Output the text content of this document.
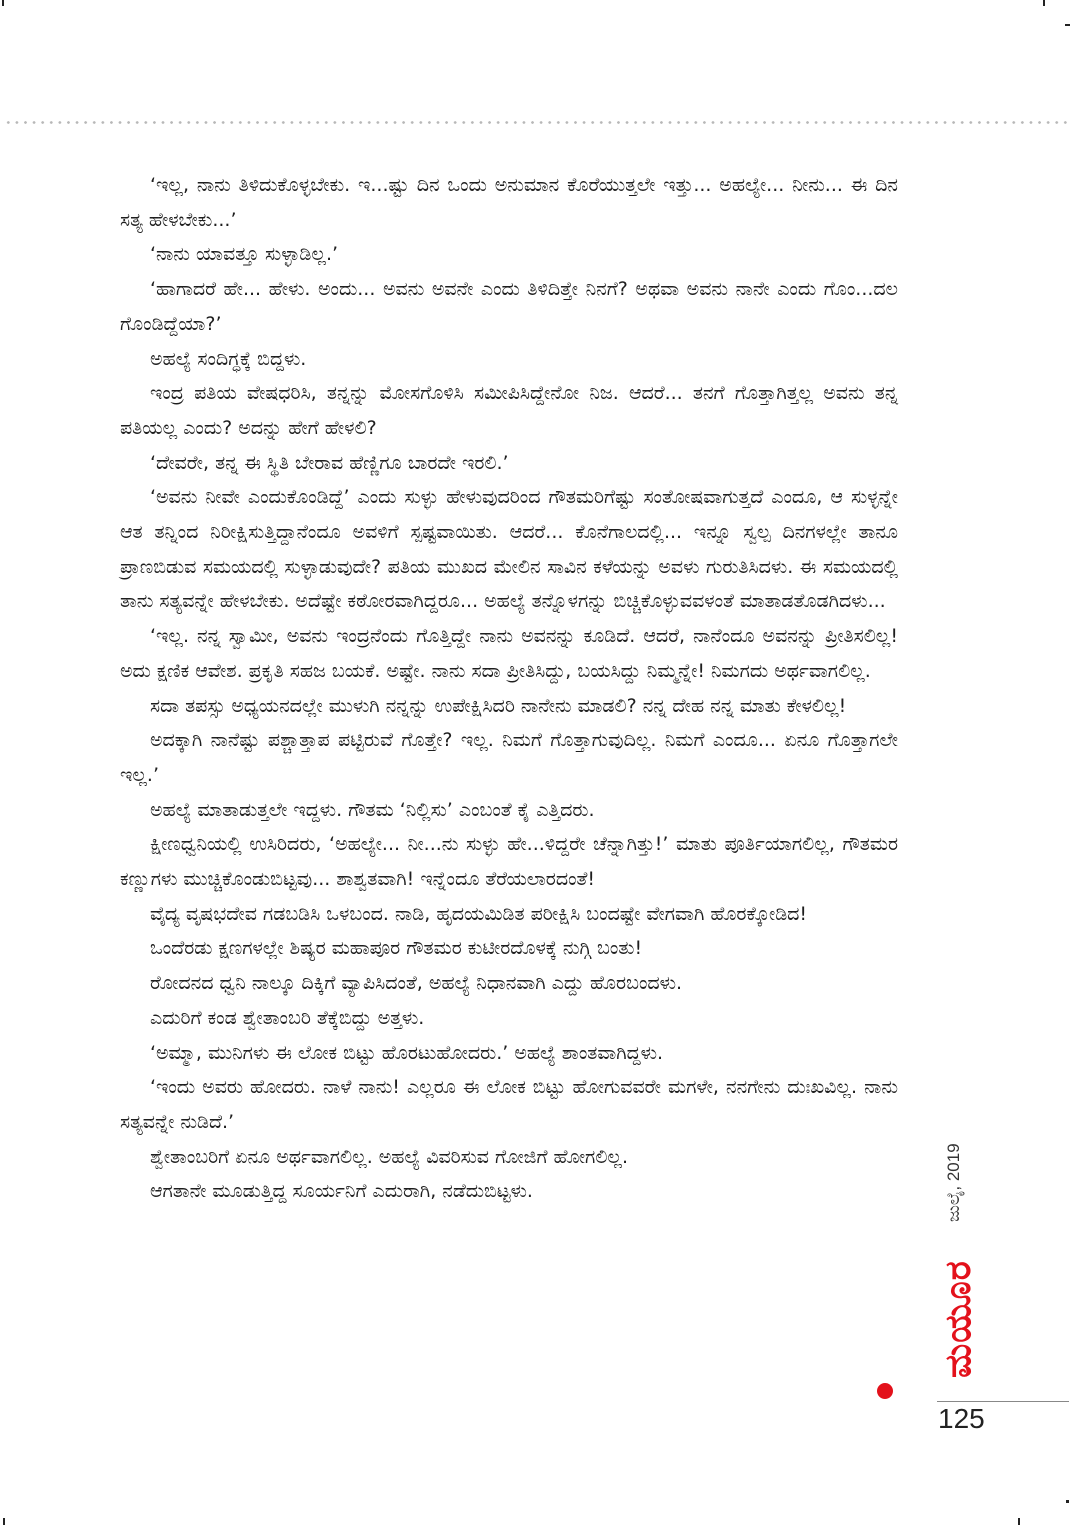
‘ಇಲ್ಲ, ನಾನು ತಿಳಿದುಕೊಳ್ಳಬೇಕು. ಇ...ಷ್ಟು ದಿನ ಒಂದು ಅನುಮಾನ ಕೊರೆಯುತ್ತಲೇ ಇತ್ತು... ಅಹಲ್ಯೇ... ನೀನು... ಈ ದಿನ ಸತ್ಯ ಹೇಳಬೇಕು...’

‘ನಾನು ಯಾವತ್ತೂ ಸುಳ್ಳಾಡಿಲ್ಲ.’

‘ಹಾಗಾದರೆ ಹೇ... ಹೇಳು. ಅಂದು... ಅವನು ಅವನೇ ಎಂದು ತಿಳಿದಿತ್ತೇ ನಿನಗೆ? ಅಥವಾ ಅವನು ನಾನೇ ಎಂದು ಗೊಂ...ದಲ ಗೊಂಡಿದ್ದೆಯಾ?’

ಅಹಲ್ಯೆ ಸಂದಿಗ್ಧಕ್ಕೆ ಬಿದ್ದಳು.

ಇಂದ್ರ ಪತಿಯ ವೇಷಧರಿಸಿ, ತನ್ನನ್ನು ಮೋಸಗೊಳಿಸಿ ಸಮೀಪಿಸಿದ್ದೇನೋ ನಿಜ. ಆದರೆ... ತನಗೆ ಗೊತ್ತಾಗಿತ್ತಲ್ಲ ಅವನು ತನ್ನ ಪತಿಯಲ್ಲ ಎಂದು? ಅದನ್ನು ಹೇಗೆ ಹೇಳಲಿ?

‘ದೇವರೇ, ತನ್ನ ಈ ಸ್ಥಿತಿ ಬೇರಾವ ಹೆಣ್ಣಿಗೂ ಬಾರದೇ ಇರಲಿ.’

‘ಅವನು ನೀವೇ ಎಂದುಕೊಂಡಿದ್ದೆ’ ಎಂದು ಸುಳ್ಳು ಹೇಳುವುದರಿಂದ ಗೌತಮರಿಗೆಷ್ಟು ಸಂತೋಷವಾಗುತ್ತದೆ ಎಂದೂ, ಆ ಸುಳ್ಳನ್ನೇ ಆತ ತನ್ನಿಂದ ನಿರೀಕ್ಷಿಸುತ್ತಿದ್ದಾನೆಂದೂ ಅವಳಿಗೆ ಸ್ಪಷ್ಟವಾಯಿತು. ಆದರೆ... ಕೊನೆಗಾಲದಲ್ಲಿ... ಇನ್ನೂ ಸ್ವಲ್ಪ ದಿನಗಳಲ್ಲೇ ತಾನೂ ಪ್ರಾಣಬಿಡುವ ಸಮಯದಲ್ಲಿ ಸುಳ್ಳಾಡುವುದೇ? ಪತಿಯ ಮುಖದ ಮೇಲಿನ ಸಾವಿನ ಕಳೆಯನ್ನು ಅವಳು ಗುರುತಿಸಿದಳು. ಈ ಸಮಯದಲ್ಲಿ ತಾನು ಸತ್ಯವನ್ನೇ ಹೇಳಬೇಕು. ಅದೆಷ್ಟೇ ಕಠೋರವಾಗಿದ್ದರೂ... ಅಹಲ್ಯೆ ತನ್ನೊಳಗನ್ನು ಬಿಚ್ಚಿಕೊಳ್ಳುವವಳಂತೆ ಮಾತಾಡತೊಡಗಿದಳು...

‘ಇಲ್ಲ. ನನ್ನ ಸ್ವಾಮೀ, ಅವನು ಇಂದ್ರನೆಂದು ಗೊತ್ತಿದ್ದೇ ನಾನು ಅವನನ್ನು ಕೂಡಿದೆ. ಆದರೆ, ನಾನೆಂದೂ ಅವನನ್ನು ಪ್ರೀತಿಸಲಿಲ್ಲ! ಅದು ಕ್ಷಣಿಕ ಆವೇಶ. ಪ್ರಕೃತಿ ಸಹಜ ಬಯಕೆ. ಅಷ್ಟೇ. ನಾನು ಸದಾ ಪ್ರೀತಿಸಿದ್ದು, ಬಯಸಿದ್ದು ನಿಮ್ಮನ್ನೇ! ನಿಮಗದು ಅರ್ಥವಾಗಲಿಲ್ಲ.

ಸದಾ ತಪಸ್ಸು ಅಧ್ಯಯನದಲ್ಲೇ ಮುಳುಗಿ ನನ್ನನ್ನು ಉಪೇಕ್ಷಿಸಿದರಿ ನಾನೇನು ಮಾಡಲಿ? ನನ್ನ ದೇಹ ನನ್ನ ಮಾತು ಕೇಳಲಿಲ್ಲ!

ಅದಕ್ಕಾಗಿ ನಾನೆಷ್ಟು ಪಶ್ಚಾತ್ತಾಪ ಪಟ್ಟಿರುವೆ ಗೊತ್ತೇ? ಇಲ್ಲ. ನಿಮಗೆ ಗೊತ್ತಾಗುವುದಿಲ್ಲ. ನಿಮಗೆ ಎಂದೂ... ಏನೂ ಗೊತ್ತಾಗಲೇ ಇಲ್ಲ.’

ಅಹಲ್ಯೆ ಮಾತಾಡುತ್ತಲೇ ಇದ್ದಳು. ಗೌತಮ ‘ನಿಲ್ಲಿಸು’ ಎಂಬಂತೆ ಕೈ ಎತ್ತಿದರು.

ಕ್ಷೀಣಧ್ವನಿಯಲ್ಲಿ ಉಸಿರಿದರು, ‘ಅಹಲ್ಯೇ... ನೀ...ನು ಸುಳ್ಳು ಹೇ...ಳಿದ್ದರೇ ಚೆನ್ನಾಗಿತ್ತು!’ ಮಾತು ಪೂರ್ತಿಯಾಗಲಿಲ್ಲ, ಗೌತಮರ ಕಣ್ಣುಗಳು ಮುಚ್ಚಿಕೊಂಡುಬಿಟ್ಟವು... ಶಾಶ್ವತವಾಗಿ! ಇನ್ನೆಂದೂ ತೆರೆಯಲಾರದಂತೆ!

ವೈದ್ಯ ವೃಷಭದೇವ ಗಡಬಡಿಸಿ ಒಳಬಂದ. ನಾಡಿ, ಹೃದಯಮಿಡಿತ ಪರೀಕ್ಷಿಸಿ ಬಂದಷ್ಟೇ ವೇಗವಾಗಿ ಹೊರಕ್ಕೋಡಿದ!

ಒಂದೆರಡು ಕ್ಷಣಗಳಲ್ಲೇ ಶಿಷ್ಯರ ಮಹಾಪೂರ ಗೌತಮರ ಕುಟೀರದೊಳಕ್ಕೆ ನುಗ್ಗಿ ಬಂತು!

ರೋದನದ ಧ್ವನಿ ನಾಲ್ಕೂ ದಿಕ್ಕಿಗೆ ವ್ಯಾಪಿಸಿದಂತೆ, ಅಹಲ್ಯೆ ನಿಧಾನವಾಗಿ ಎದ್ದು ಹೊರಬಂದಳು.

ಎದುರಿಗೆ ಕಂಡ ಶ್ವೇತಾಂಬರಿ ತೆಕ್ಕೆಬಿದ್ದು ಅತ್ತಳು.

‘ಅಮ್ಮಾ, ಮುನಿಗಳು ಈ ಲೋಕ ಬಿಟ್ಟು ಹೊರಟುಹೋದರು.’ ಅಹಲ್ಯೆ ಶಾಂತವಾಗಿದ್ದಳು.

‘ಇಂದು ಅವರು ಹೋದರು. ನಾಳೆ ನಾನು! ಎಲ್ಲರೂ ಈ ಲೋಕ ಬಿಟ್ಟು ಹೋಗುವವರೇ ಮಗಳೇ, ನನಗೇನು ದುಃಖವಿಲ್ಲ. ನಾನು ಸತ್ಯವನ್ನೇ ನುಡಿದೆ.’

ಶ್ವೇತಾಂಬರಿಗೆ ಏನೂ ಅರ್ಥವಾಗಲಿಲ್ಲ. ಅಹಲ್ಯೆ ವಿವರಿಸುವ ಗೋಜಿಗೆ ಹೋಗಲಿಲ್ಲ.

ಆಗತಾನೇ ಮೂಡುತ್ತಿದ್ದ ಸೂರ್ಯನಿಗೆ ಎದುರಾಗಿ, ನಡೆದುಬಿಟ್ಟಳು.	ಜುಲೈ, 2019
ಮಯೂರ
125
